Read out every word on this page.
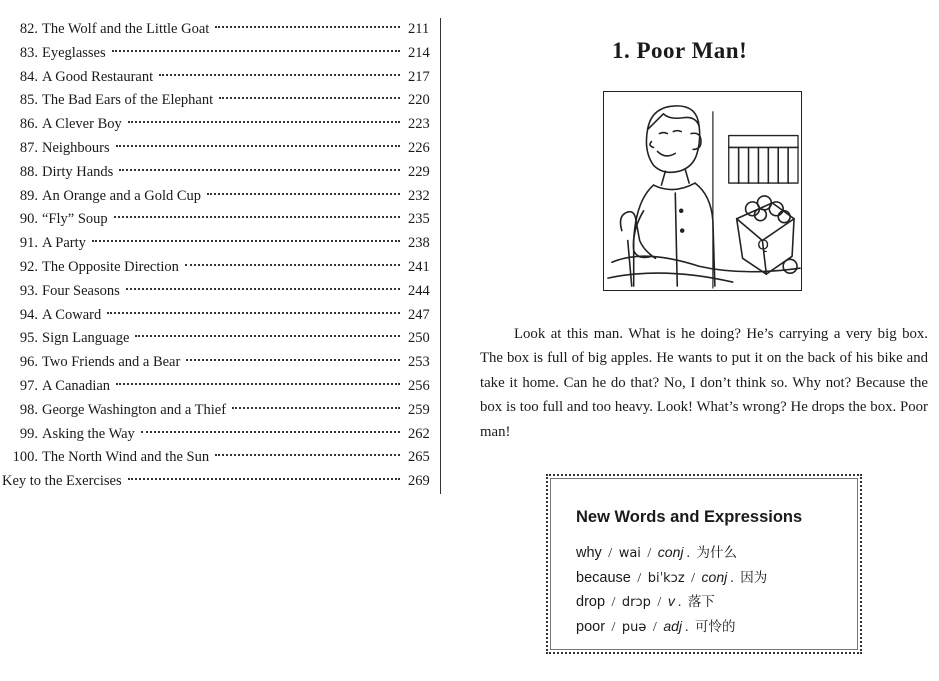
82. The Wolf and the Little Goat	211
83. Eyeglasses	214
84. A Good Restaurant	217
85. The Bad Ears of the Elephant	220
86. A Clever Boy	223
87. Neighbours	226
88. Dirty Hands	229
89. An Orange and a Gold Cup	232
90. “Fly” Soup	235
91. A Party	238
92. The Opposite Direction	241
93. Four Seasons	244
94. A Coward	247
95. Sign Language	250
96. Two Friends and a Bear	253
97. A Canadian	256
98. George Washington and a Thief	259
99. Asking the Way	262
100. The North Wind and the Sun	265
Key to the Exercises	269
1. Poor Man!
Q

Look at this man. What is he doing? He’s carrying a very big box. The box is full of big apples. He wants to put it on the back of his bike and take it home. Can he do that? No, I don’t think so. Why not? Because the box is too full and too heavy. Look! What’s wrong? He drops the box. Poor man!

New Words and Expressions
why / wai / conj . 为什么
because / biˈkɔz / conj . 因为
drop / drɔp / v . 落下
poor / puə / adj . 可怜的
